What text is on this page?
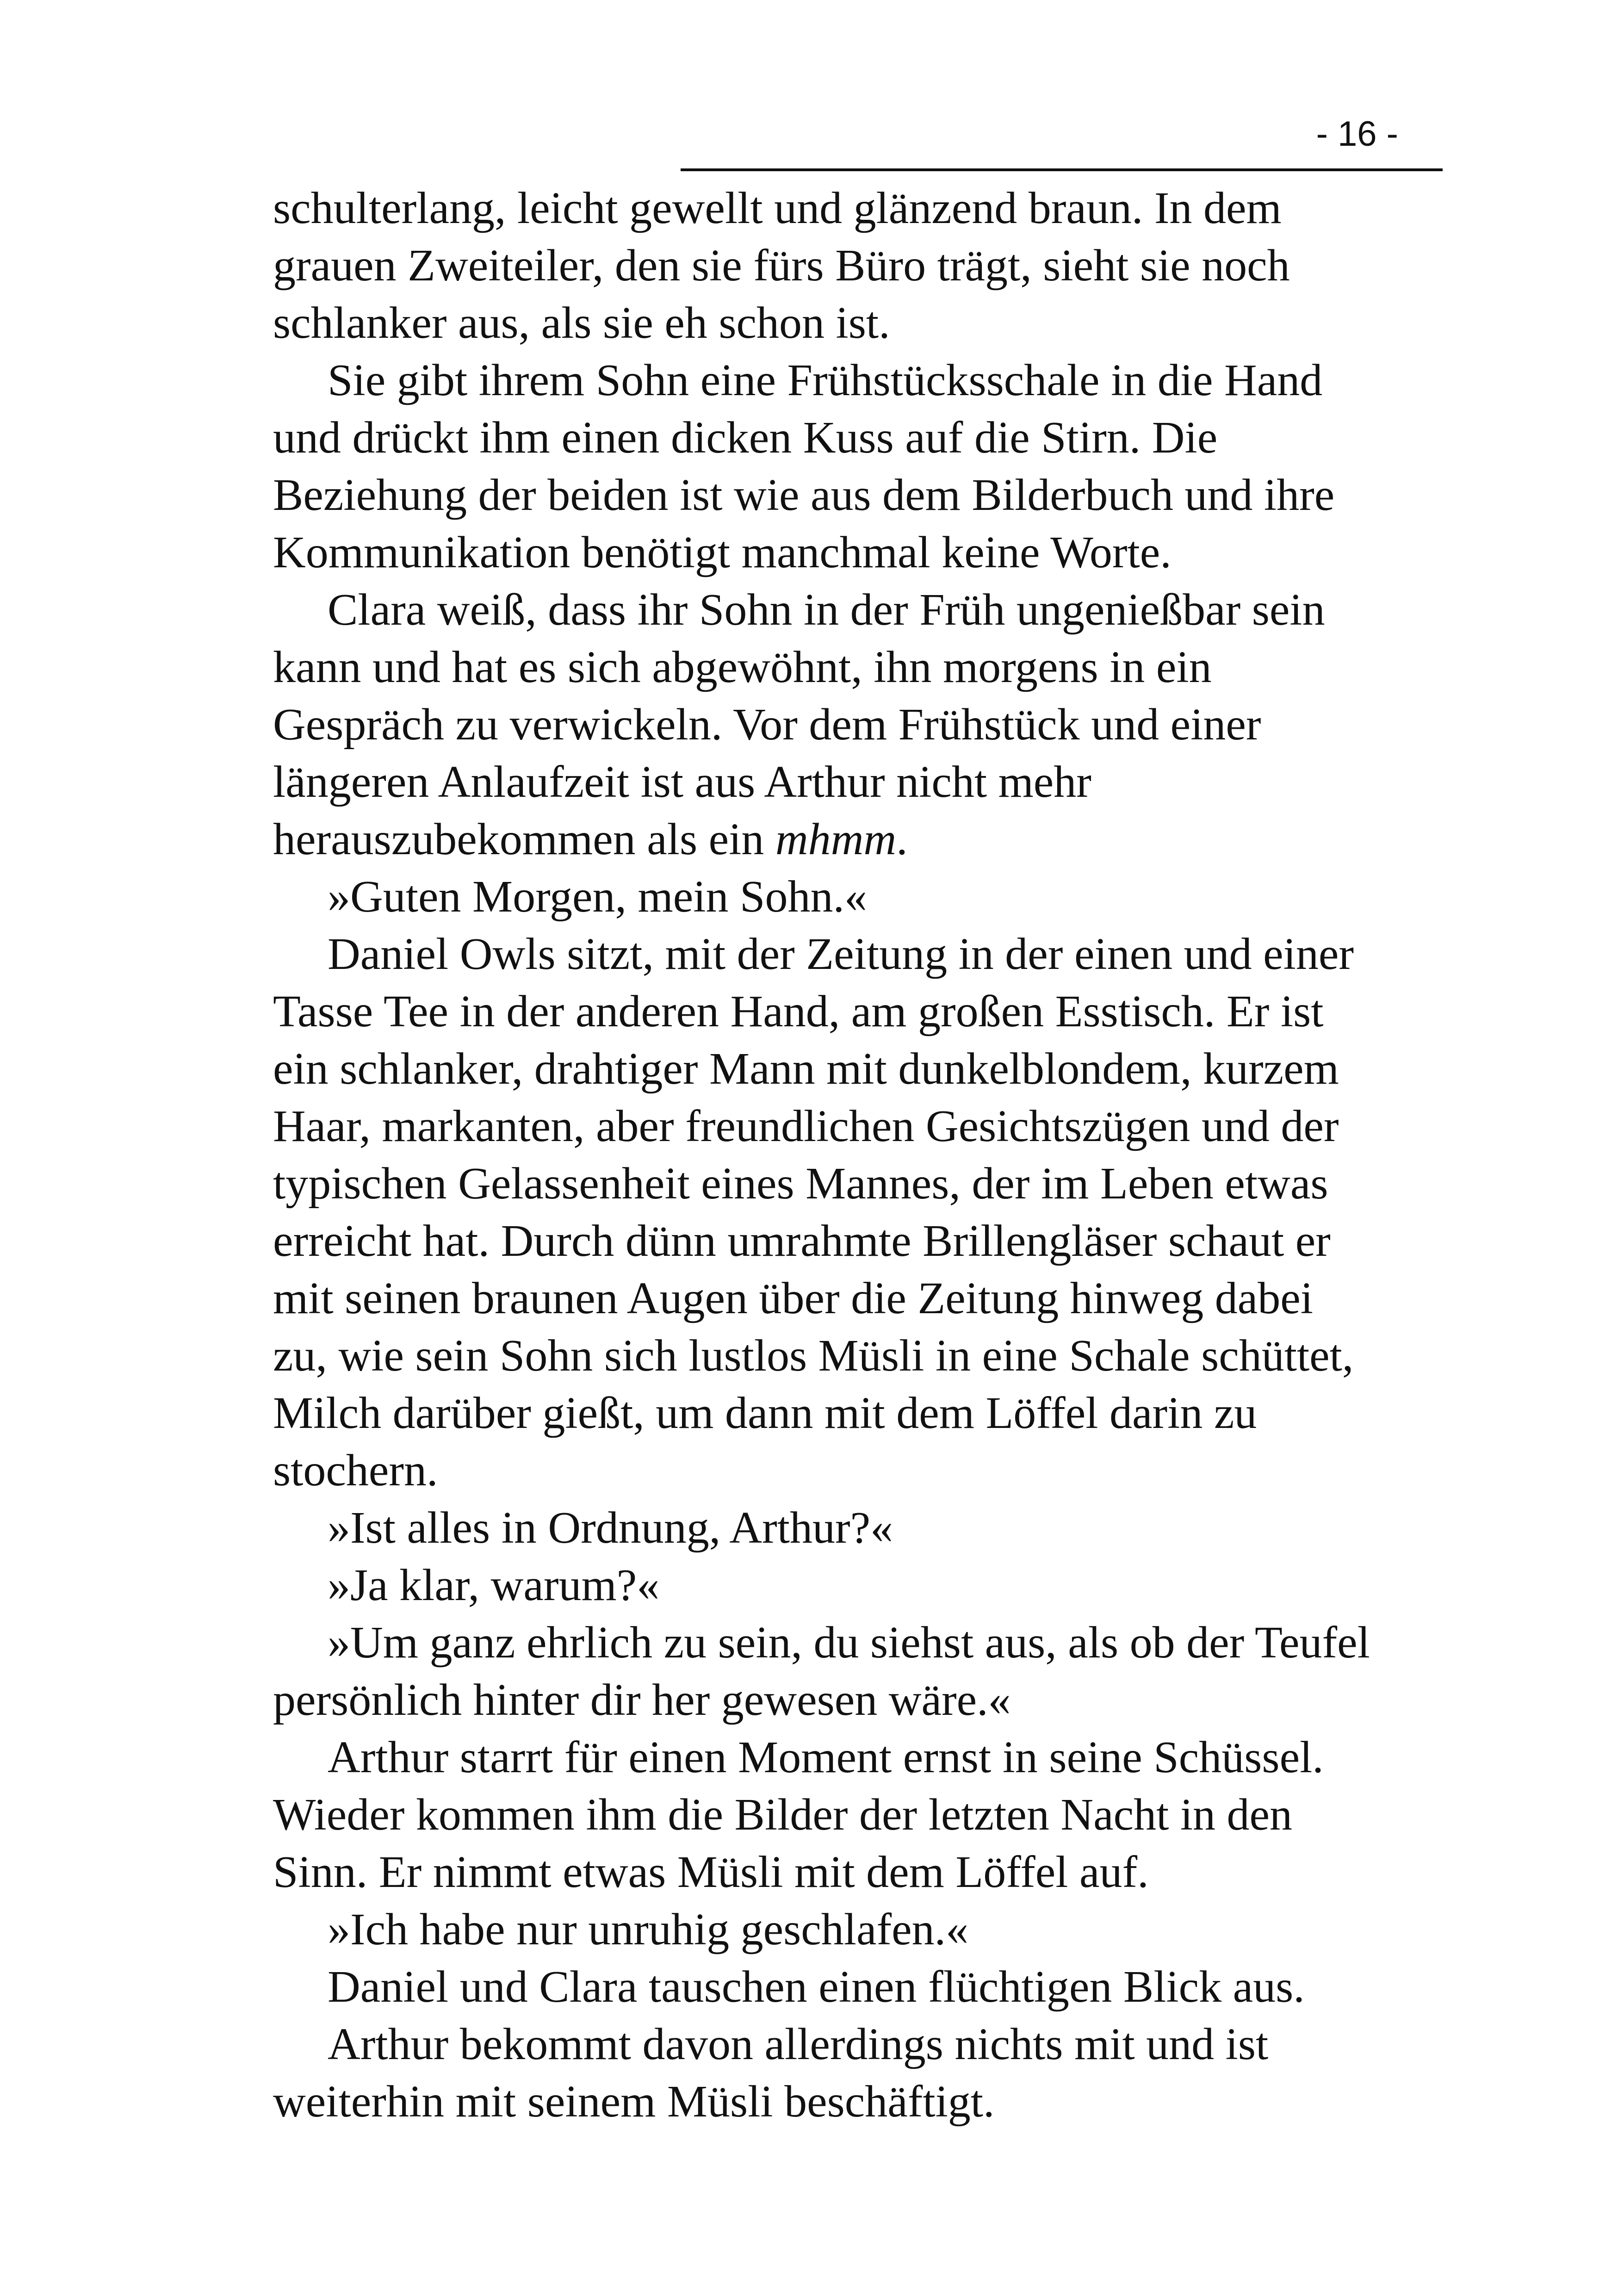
- 16 -

schulterlang, leicht gewellt und glänzend braun. In dem
grauen Zweiteiler, den sie fürs Büro trägt, sieht sie noch
schlanker aus, als sie eh schon ist.

Sie gibt ihrem Sohn eine Frühstücksschale in die Hand
und drückt ihm einen dicken Kuss auf die Stirn. Die
Beziehung der beiden ist wie aus dem Bilderbuch und ihre
Kommunikation benötigt manchmal keine Worte.

Clara weiß, dass ihr Sohn in der Früh ungenießbar sein
kann und hat es sich abgewöhnt, ihn morgens in ein
Gespräch zu verwickeln. Vor dem Frühstück und einer
längeren Anlaufzeit ist aus Arthur nicht mehr
herauszubekommen als ein mhmm.

»Guten Morgen, mein Sohn.«

Daniel Owls sitzt, mit der Zeitung in der einen und einer
Tasse Tee in der anderen Hand, am großen Esstisch. Er ist
ein schlanker, drahtiger Mann mit dunkelblondem, kurzem
Haar, markanten, aber freundlichen Gesichtszügen und der
typischen Gelassenheit eines Mannes, der im Leben etwas
erreicht hat. Durch dünn umrahmte Brillengläser schaut er
mit seinen braunen Augen über die Zeitung hinweg dabei
zu, wie sein Sohn sich lustlos Müsli in eine Schale schüttet,
Milch darüber gießt, um dann mit dem Löffel darin zu
stochern.

»Ist alles in Ordnung, Arthur?«

»Ja klar, warum?«

»Um ganz ehrlich zu sein, du siehst aus, als ob der Teufel
persönlich hinter dir her gewesen wäre.«

Arthur starrt für einen Moment ernst in seine Schüssel.
Wieder kommen ihm die Bilder der letzten Nacht in den
Sinn. Er nimmt etwas Müsli mit dem Löffel auf.

»Ich habe nur unruhig geschlafen.«

Daniel und Clara tauschen einen flüchtigen Blick aus.

Arthur bekommt davon allerdings nichts mit und ist
weiterhin mit seinem Müsli beschäftigt.
